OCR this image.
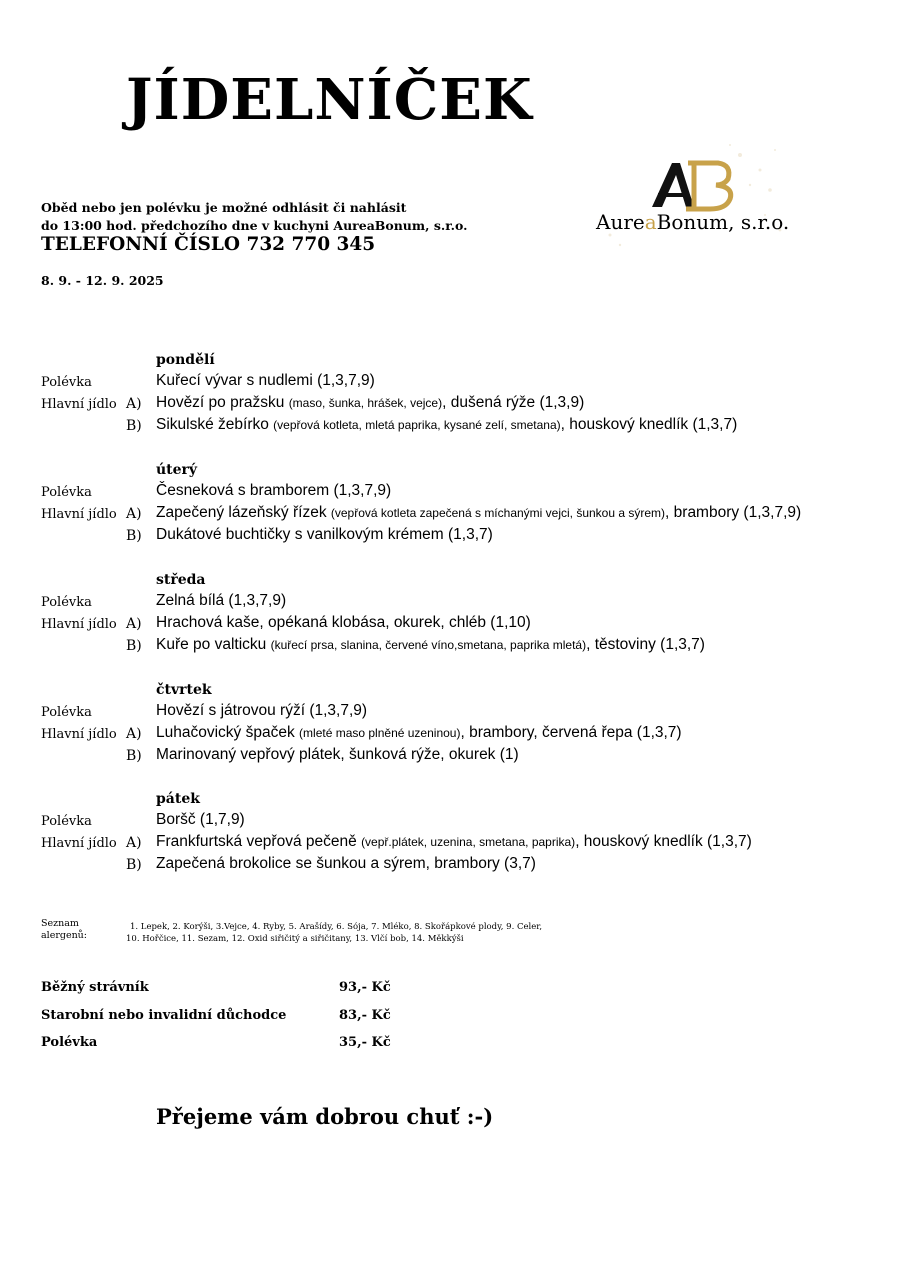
JÍDELNÍČEK
Oběd nebo jen polévku je možné odhlásit či nahlásit
do 13:00 hod. předchozího dne v kuchyni AureaBonum, s.r.o.
TELEFONNÍ ČÍSLO 732 770 345
8. 9. - 12. 9. 2025
AureaBonum, s.r.o.
pondělí
Polévka	Kuřecí vývar s nudlemi (1,3,7,9)
Hlavní jídlo A) Hovězí po pražsku (maso, šunka, hrášek, vejce), dušená rýže (1,3,9)
B) Sikulské žebírko (vepřová kotleta, mletá paprika, kysané zelí, smetana), houskový knedlík (1,3,7)
úterý
Polévka	Česneková s bramborem (1,3,7,9)
Hlavní jídlo A) Zapečený lázeňský řízek (vepřová kotleta zapečená s míchanými vejci, šunkou a sýrem), brambory (1,3,7,9)
B) Dukátové buchtičky s vanilkovým krémem (1,3,7)
středa
Polévka	Zelná bílá (1,3,7,9)
Hlavní jídlo A) Hrachová kaše, opékaná klobása, okurek, chléb (1,10)
B) Kuře po valticku (kuřecí prsa, slanina, červené víno,smetana, paprika mletá), těstoviny (1,3,7)
čtvrtek
Polévka	Hovězí s játrovou rýží (1,3,7,9)
Hlavní jídlo A) Luhačovický špaček (mleté maso plněné uzeninou), brambory, červená řepa (1,3,7)
B) Marinovaný vepřový plátek, šunková rýže, okurek (1)
pátek
Polévka	Boršč (1,7,9)
Hlavní jídlo A) Frankfurtská vepřová pečeně (vepř.plátek, uzenina, smetana, paprika), houskový knedlík (1,3,7)
B) Zapečená brokolice se šunkou a sýrem, brambory (3,7)
Seznam
alergenů:
1. Lepek, 2. Korýši, 3.Vejce, 4. Ryby, 5. Arašídy, 6. Sója, 7. Mléko, 8. Skořápkové plody, 9. Celer,
10. Hořčice, 11. Sezam, 12. Oxid siřičitý a siřičitany, 13. Vlčí bob, 14. Měkkýši
Běžný strávník	93,- Kč
Starobní nebo invalidní důchodce	83,- Kč
Polévka	35,- Kč
Přejeme vám dobrou chuť :-)
